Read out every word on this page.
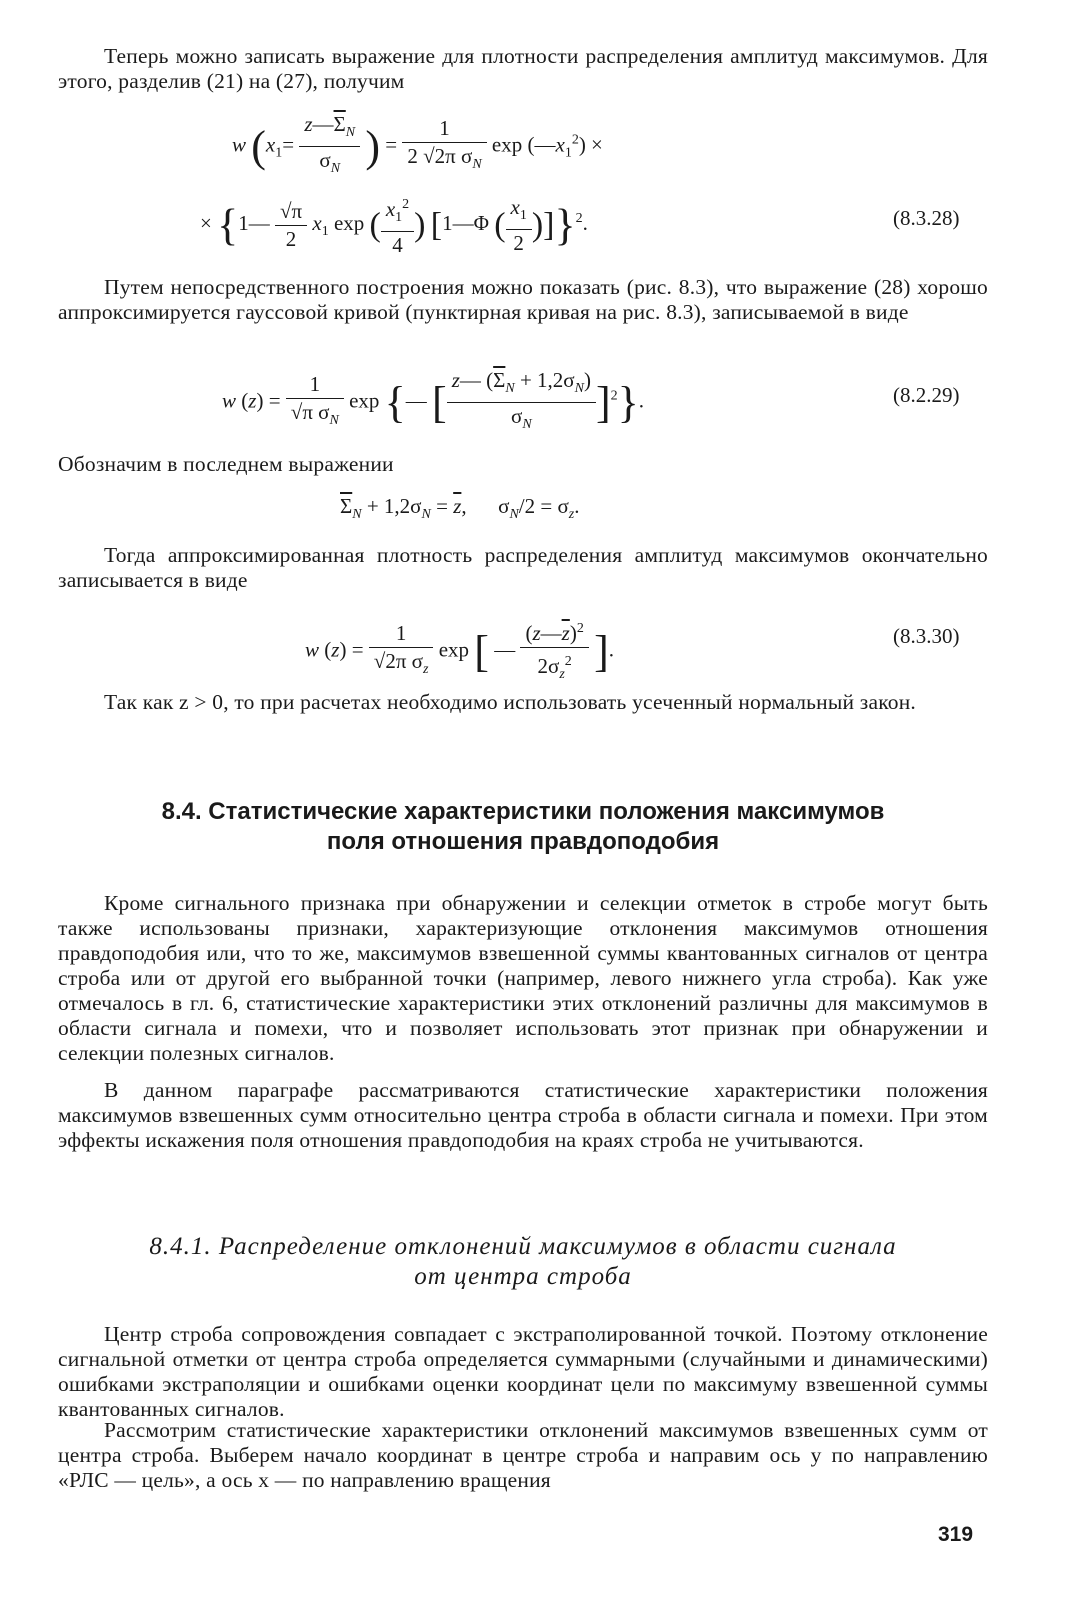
Теперь можно записать выражение для плотности распределения амплитуд максимумов. Для этого, разделив (21) на (27), получим

w ($x_1= \frac{z—\overline{\Sigma}_N}{\sigma_N}$ ) = $\frac{1}{2 √2\pi \sigma_N}$ $\exp (—x_1^2)$ ×
× {1— $\frac{√\pi}{2} x_1$ exp ( $\frac{x_1^2}{4}$ ) [1—Φ ( $\frac{x_1}{2} )]\}^2$.	(8.3.28)

Путем непосредственного построения можно показать (рис. 8.3), что выражение (28) хорошо аппроксимируется гауссовой кривой (пунктирная кривая на рис. 8.3), записываемой в виде

w $(z) = \frac{1}{√\pi \sigma_N}$ exp {— [ $\frac{z— (\overline{\Sigma}_N + 1,2\sigma_N)}{\sigma_N} ]^2$}.	(8.2.29)

Обозначим в последнем выражении

$\overline{\Sigma}_N + 1,2\sigma_N = \overline{z}$,      $\sigma_N/2 = \sigma_z$.

Тогда аппроксимированная плотность распределения амплитуд максимумов окончательно записывается в виде

w $(z) = \frac{1}{√2\pi \sigma_z}$ exp [ — $\frac{(z—\overline{z})^2}{2\sigma_z^2}$ ].
(8.3.30)

Так как z > 0, то при расчетах необходимо использовать усеченный нормальный закон.

8.4. Статистические характеристики положения максимумов
поля отношения правдоподобия

Кроме сигнального признака при обнаружении и селекции отметок в стробе могут быть также использованы признаки, характеризующие отклонения максимумов отношения правдоподобия или, что то же, максимумов взвешенной суммы квантованных сигналов от центра строба или от другой его выбранной точки (например, левого нижнего угла строба). Как уже отмечалось в гл. 6, статистические характеристики этих отклонений различны для максимумов в области сигнала и помехи, что и позволяет использовать этот признак при обнаружении и селекции полезных сигналов.

В данном параграфе рассматриваются статистические характеристики положения максимумов взвешенных сумм относительно центра строба в области сигнала и помехи. При этом эффекты искажения поля отношения правдоподобия на краях строба не учитываются.

8.4.1. Распределение отклонений максимумов в области сигнала
от центра строба

Центр строба сопровождения совпадает с экстраполированной точкой. Поэтому отклонение сигнальной отметки от центра строба определяется суммарными (случайными и динамическими) ошибками экстраполяции и ошибками оценки координат цели по максимуму взвешенной суммы квантованных сигналов.

Рассмотрим статистические характеристики отклонений максимумов взвешенных сумм от центра строба. Выберем начало координат в центре строба и направим ось y по направлению «РЛС — цель», а ось x — по направлению вращения

319
